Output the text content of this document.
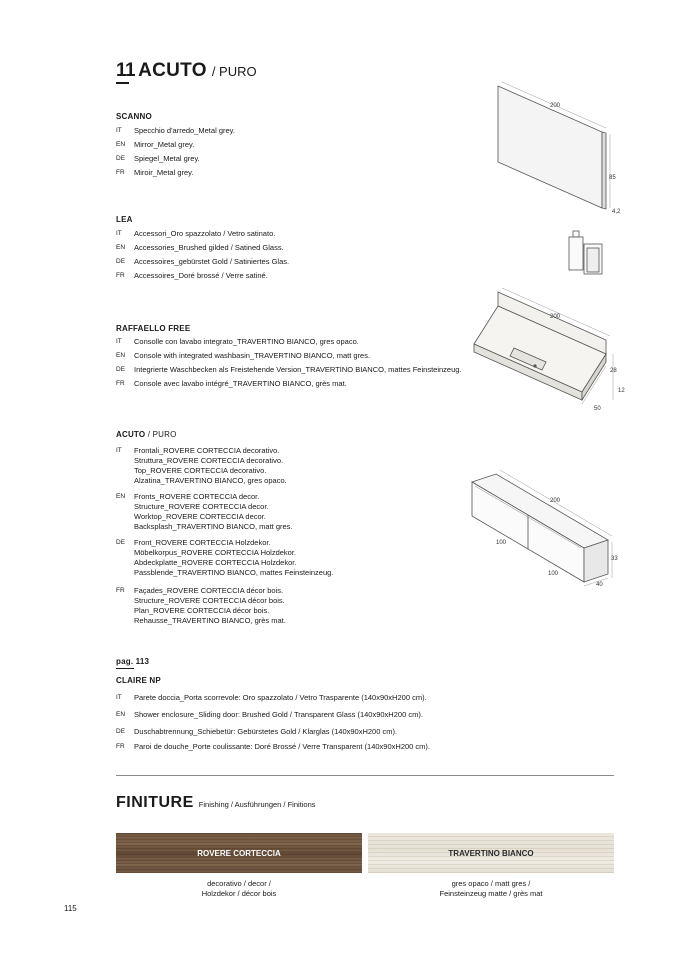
11 ACUTO / PURO
SCANNO
IT	Specchio d'arredo_Metal grey.
EN	Mirror_Metal grey.
DE	Spiegel_Metal grey.
FR	Miroir_Metal grey.
200
85
4,2
LEA
IT	Accessori_Oro spazzolato / Vetro satinato.
EN	Accessories_Brushed gilded / Satined Glass.
DE	Accessoires_gebürstet Gold / Satiniertes Glas.
FR	Accessoires_Doré brossé / Verre satiné.
RAFFAELLO FREE
IT	Consolle con lavabo integrato_TRAVERTINO BIANCO, gres opaco.
EN	Console with integrated washbasin_TRAVERTINO BIANCO, matt gres.
DE	Integrierte Waschbecken als Freistehende Version_TRAVERTINO BIANCO, mattes Feinsteinzeug.
FR	Console avec lavabo intégré_TRAVERTINO BIANCO, grès mat.
200
28
12
50
ACUTO / PURO
IT	Frontali_ROVERE CORTECCIA decorativo.
Struttura_ROVERE CORTECCIA decorativo.
Top_ROVERE CORTECCIA decorativo.
Alzatina_TRAVERTINO BIANCO, gres opaco.
EN	Fronts_ROVERE CORTECCIA decor.
Structure_ROVERE CORTECCIA decor.
Worktop_ROVERE CORTECCIA decor.
Backsplash_TRAVERTINO BIANCO, matt gres.
DE	Front_ROVERE CORTECCIA Holzdekor.
Möbelkorpus_ROVERE CORTECCIA Holzdekor.
Abdeckplatte_ROVERE CORTECCIA Holzdekor.
Passblende_TRAVERTINO BIANCO, mattes Feinsteinzeug.
FR	Façades_ROVERE CORTECCIA décor bois.
Structure_ROVERE CORTECCIA décor bois.
Plan_ROVERE CORTECCIA décor bois.
Rehausse_TRAVERTINO BIANCO, grès mat.
200
100
100
33
40
pag. 113
CLAIRE NP
IT	Parete doccia_Porta scorrevole: Oro spazzolato / Vetro Trasparente (140x90xH200 cm).
EN	Shower enclosure_Sliding door: Brushed Gold / Transparent Glass (140x90xH200 cm).
DE	Duschabtrennung_Schiebetür: Gebürstetes Gold / Klarglas (140x90xH200 cm).
FR	Paroi de douche_Porte coulissante: Doré Brossé / Verre Transparent (140x90xH200 cm).
FINITURE Finishing / Ausführungen / Finitions
ROVERE CORTECCIA	TRAVERTINO BIANCO
decorativo / decor /
Holzdekor / décor bois
gres opaco / matt gres /
Feinsteinzeug matte / grès mat
115
